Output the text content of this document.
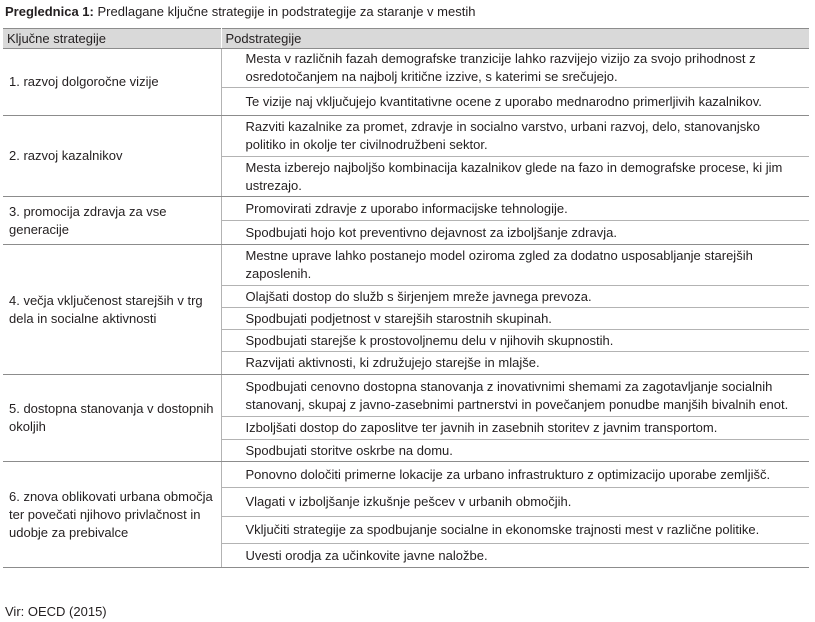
Preglednica 1: Predlagane ključne strategije in podstrategije za staranje v mestih
Ključne strategije	Podstrategije
1. razvoj dolgoročne vizije	Mesta v različnih fazah demografske tranzicije lahko razvijejo vizijo za svojo prihodnost z osredotočanjem na najbolj kritične izzive, s katerimi se srečujejo.
	Te vizije naj vključujejo kvantitativne ocene z uporabo mednarodno primerljivih kazalnikov.
2. razvoj kazalnikov	Razviti kazalnike za promet, zdravje in socialno varstvo, urbani razvoj, delo, stanovanjsko politiko in okolje ter civilnodružbeni sektor.
	Mesta izberejo najboljšo kombinacija kazalnikov glede na fazo in demografske procese, ki jim ustrezajo.
3. promocija zdravja za vse generacije	Promovirati zdravje z uporabo informacijske tehnologije.
	Spodbujati hojo kot preventivno dejavnost za izboljšanje zdravja.
4. večja vključenost starejših v trg dela in socialne aktivnosti	Mestne uprave lahko postanejo model oziroma zgled za dodatno usposabljanje starejših zaposlenih.
	Olajšati dostop do služb s širjenjem mreže javnega prevoza.
	Spodbujati podjetnost v starejših starostnih skupinah.
	Spodbujati starejše k prostovoljnemu delu v njihovih skupnostih.
	Razvijati aktivnosti, ki združujejo starejše in mlajše.
5. dostopna stanovanja v dostopnih okoljih	Spodbujati cenovno dostopna stanovanja z inovativnimi shemami za zagotavljanje socialnih stanovanj, skupaj z javno-zasebnimi partnerstvi in povečanjem ponudbe manjših bivalnih enot.
	Izboljšati dostop do zaposlitve ter javnih in zasebnih storitev z javnim transportom.
	Spodbujati storitve oskrbe na domu.
6. znova oblikovati urbana območja ter povečati njihovo privlačnost in udobje za prebivalce	Ponovno določiti primerne lokacije za urbano infrastrukturo z optimizacijo uporabe zemljišč.
	Vlagati v izboljšanje izkušnje pešcev v urbanih območjih.
	Vključiti strategije za spodbujanje socialne in ekonomske trajnosti mest v različne politike.
	Uvesti orodja za učinkovite javne naložbe.
Vir: OECD (2015)
